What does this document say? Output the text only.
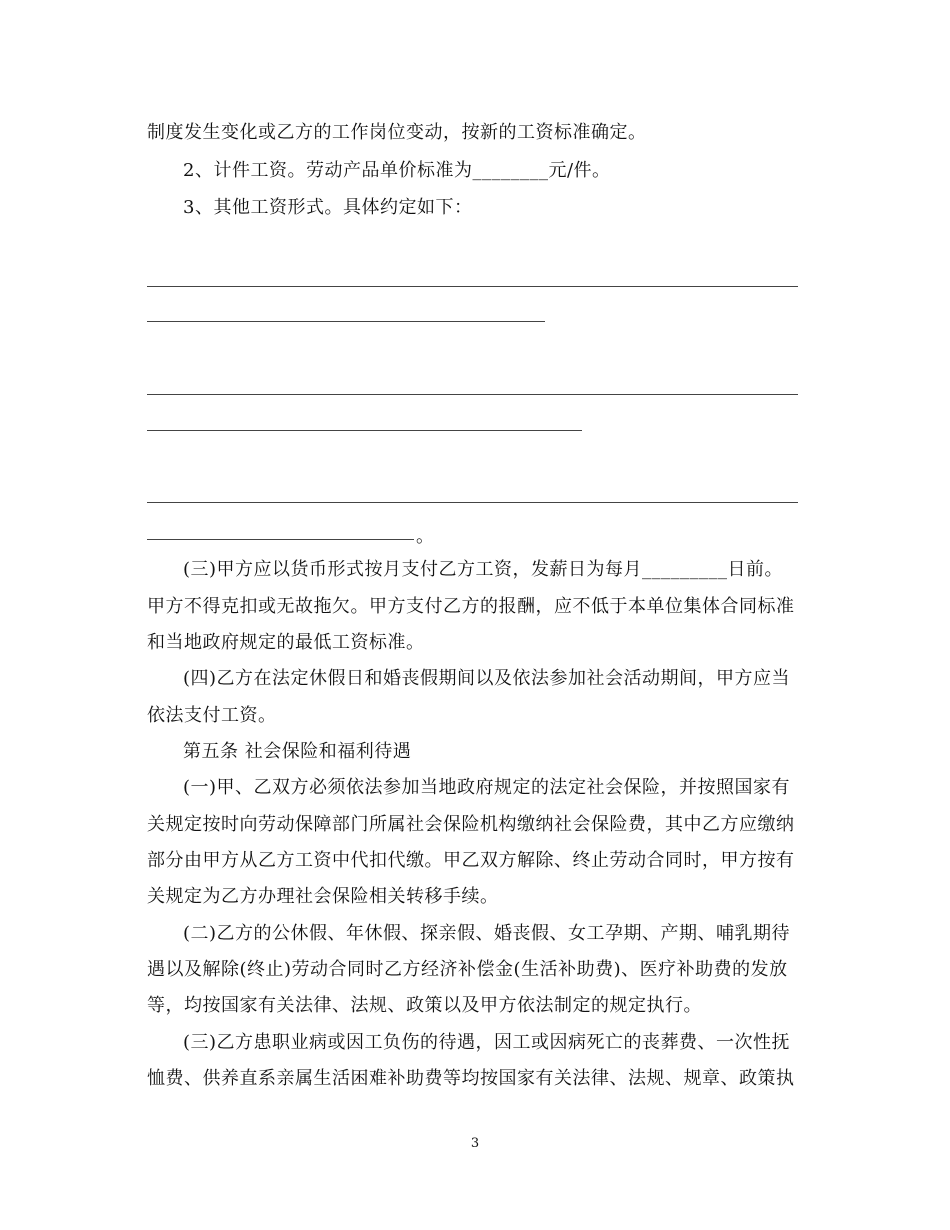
制度发生变化或乙方的工作岗位变动，按新的工资标准确定。
2、计件工资。劳动产品单价标准为________元/件。
3、其他工资形式。具体约定如下：
。
(三)甲方应以货币形式按月支付乙方工资，发薪日为每月_________日前。
甲方不得克扣或无故拖欠。甲方支付乙方的报酬，应不低于本单位集体合同标准
和当地政府规定的最低工资标准。
(四)乙方在法定休假日和婚丧假期间以及依法参加社会活动期间，甲方应当
依法支付工资。
第五条 社会保险和福利待遇
(一)甲、乙双方必须依法参加当地政府规定的法定社会保险，并按照国家有
关规定按时向劳动保障部门所属社会保险机构缴纳社会保险费，其中乙方应缴纳
部分由甲方从乙方工资中代扣代缴。甲乙双方解除、终止劳动合同时，甲方按有
关规定为乙方办理社会保险相关转移手续。
(二)乙方的公休假、年休假、探亲假、婚丧假、女工孕期、产期、哺乳期待
遇以及解除(终止)劳动合同时乙方经济补偿金(生活补助费)、医疗补助费的发放
等，均按国家有关法律、法规、政策以及甲方依法制定的规定执行。
(三)乙方患职业病或因工负伤的待遇，因工或因病死亡的丧葬费、一次性抚
恤费、供养直系亲属生活困难补助费等均按国家有关法律、法规、规章、政策执
3
